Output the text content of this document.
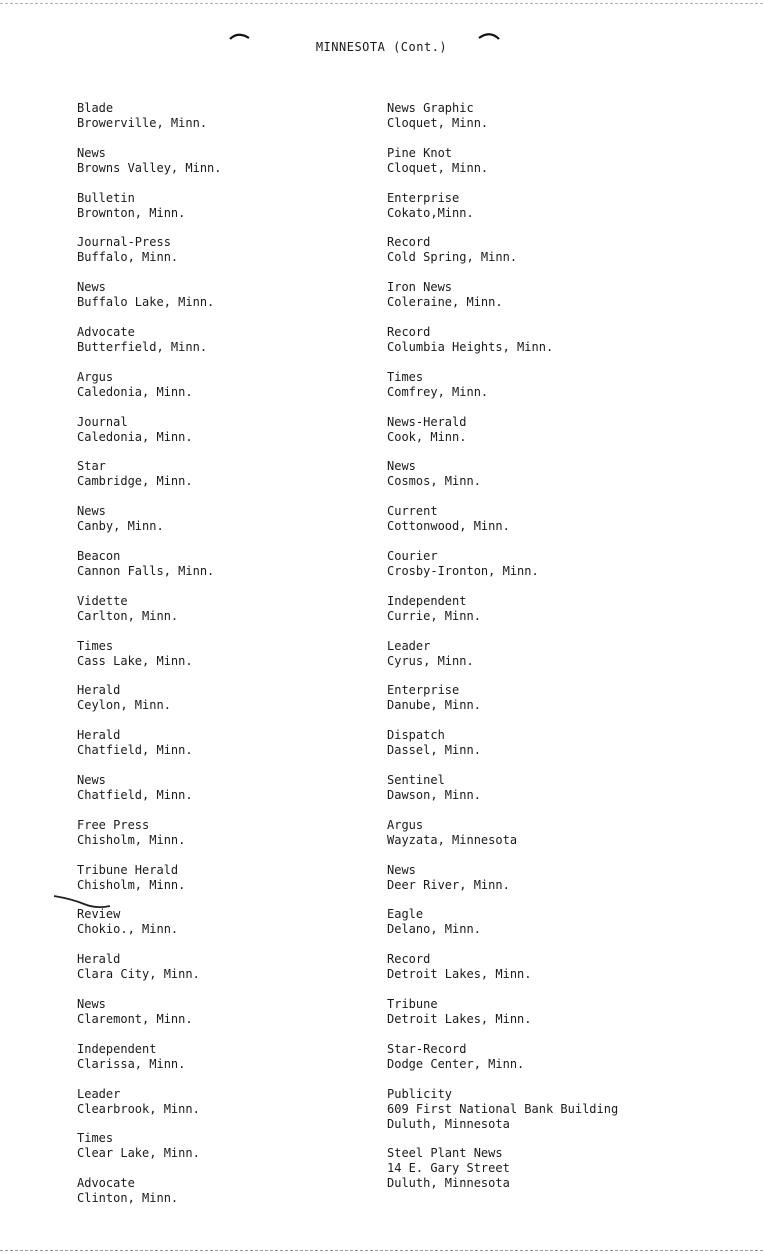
MINNESOTA (Cont.)
Blade
Browerville, Minn.
News
Browns Valley, Minn.
Bulletin
Brownton, Minn.
Journal-Press
Buffalo, Minn.
News
Buffalo Lake, Minn.
Advocate
Butterfield, Minn.
Argus
Caledonia, Minn.
Journal
Caledonia, Minn.
Star
Cambridge, Minn.
News
Canby, Minn.
Beacon
Cannon Falls, Minn.
Vidette
Carlton, Minn.
Times
Cass Lake, Minn.
Herald
Ceylon, Minn.
Herald
Chatfield, Minn.
News
Chatfield, Minn.
Free Press
Chisholm, Minn.
Tribune Herald
Chisholm, Minn.
Review
Chokio., Minn.
Herald
Clara City, Minn.
News
Claremont, Minn.
Independent
Clarissa, Minn.
Leader
Clearbrook, Minn.
Times
Clear Lake, Minn.
Advocate
Clinton, Minn.
News Graphic
Cloquet, Minn.
Pine Knot
Cloquet, Minn.
Enterprise
Cokato,Minn.
Record
Cold Spring, Minn.
Iron News
Coleraine, Minn.
Record
Columbia Heights, Minn.
Times
Comfrey, Minn.
News-Herald
Cook, Minn.
News
Cosmos, Minn.
Current
Cottonwood, Minn.
Courier
Crosby-Ironton, Minn.
Independent
Currie, Minn.
Leader
Cyrus, Minn.
Enterprise
Danube, Minn.
Dispatch
Dassel, Minn.
Sentinel
Dawson, Minn.
Argus
Wayzata, Minnesota
News
Deer River, Minn.
Eagle
Delano, Minn.
Record
Detroit Lakes, Minn.
Tribune
Detroit Lakes, Minn.
Star-Record
Dodge Center, Minn.
Publicity
609 First National Bank Building
Duluth, Minnesota
Steel Plant News
14 E. Gary Street
Duluth, Minnesota
